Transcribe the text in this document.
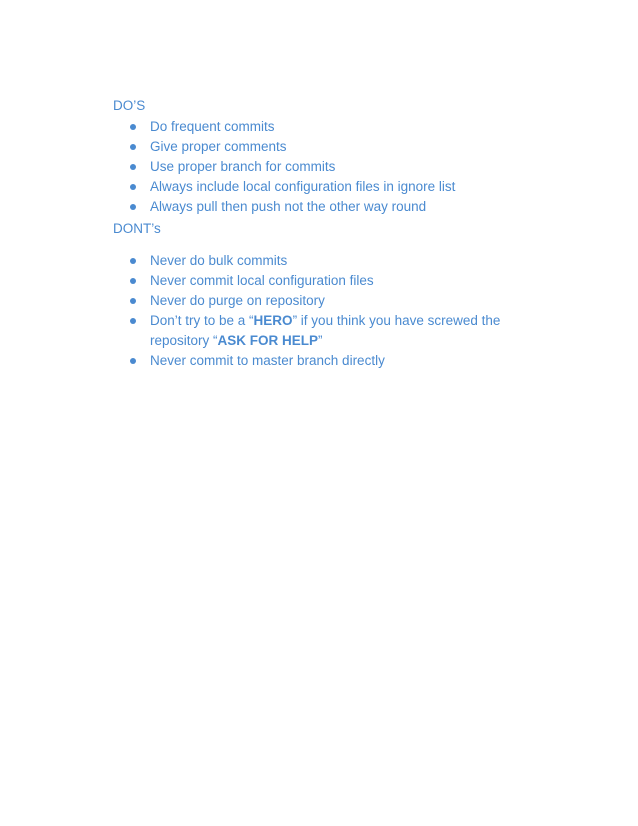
DO’S

Do frequent commits
Give proper comments
Use proper branch for commits
Always include local configuration files in ignore list
Always pull then push not the other way round

DONT’s

Never do bulk commits
Never commit local configuration files
Never do purge on repository
Don’t try to be a “HERO” if you think you have screwed the repository “ASK FOR HELP”
Never commit to master branch directly
